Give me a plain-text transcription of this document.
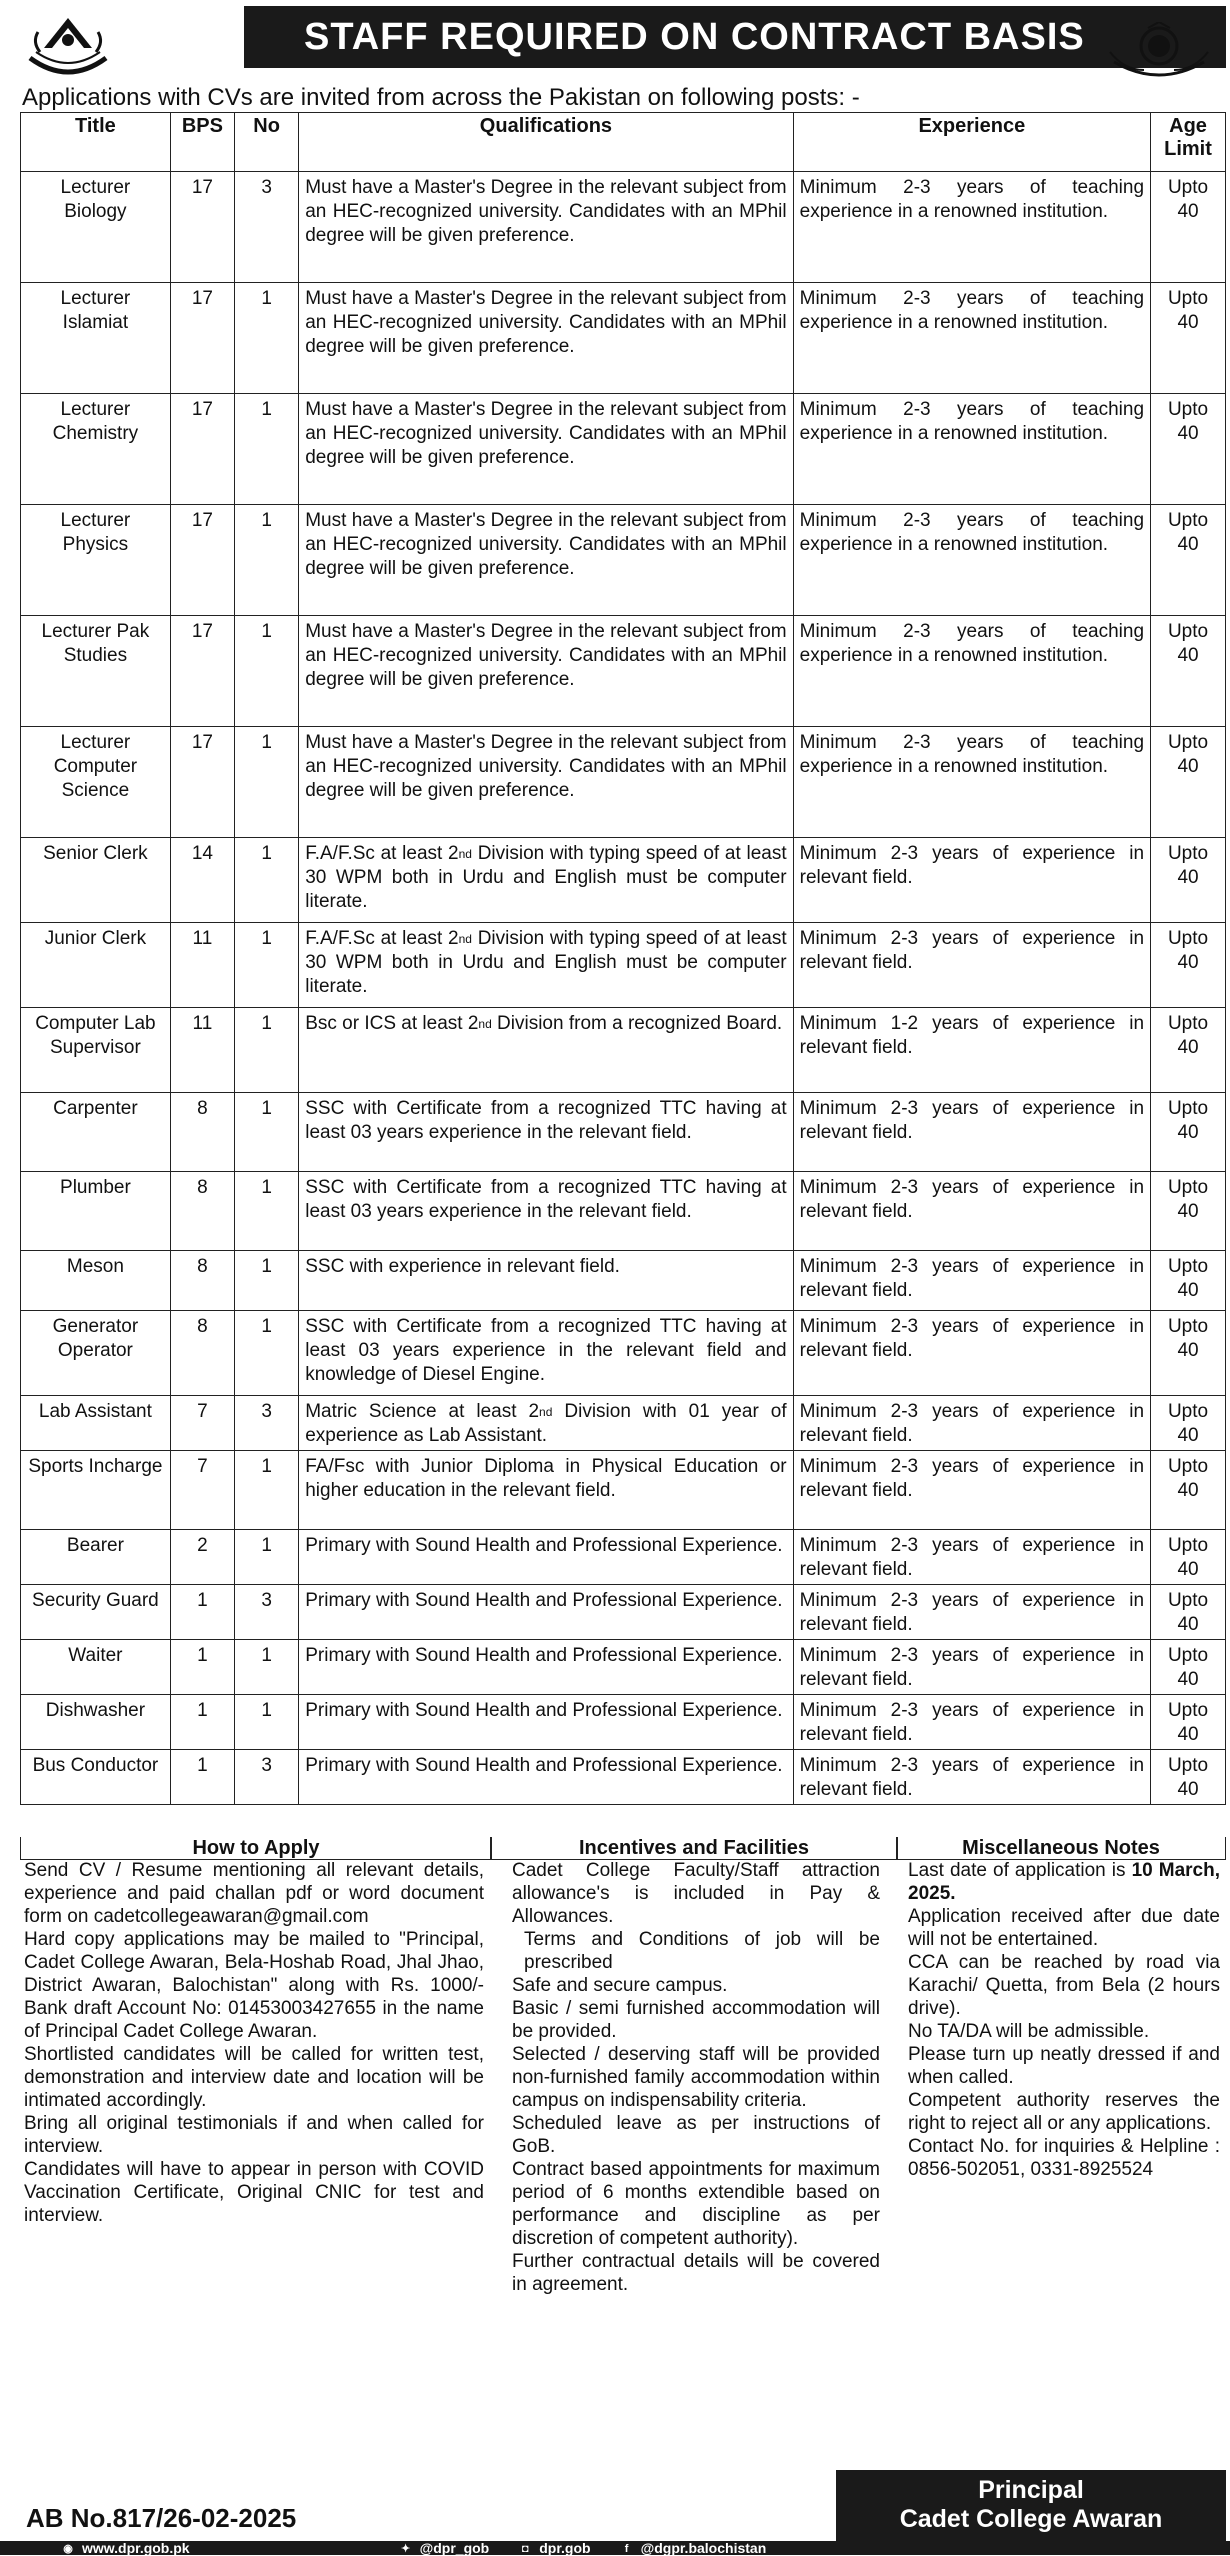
STAFF REQUIRED ON CONTRACT BASIS
Applications with CVs are invited from across the Pakistan on following posts: -
Title	BPS	No	Qualifications	Experience	Age
Limit
Lecturer Biology	17	3	Must have a Master's Degree in the relevant subject from an HEC-recognized university. Candidates with an MPhil degree will be given preference.	Minimum 2-3 years of teaching experience in a renowned institution.	Upto
40

Lecturer Islamiat	17	1	Must have a Master's Degree in the relevant subject from an HEC-recognized university. Candidates with an MPhil degree will be given preference.	Minimum 2-3 years of teaching experience in a renowned institution.	Upto
40

Lecturer Chemistry	17	1	Must have a Master's Degree in the relevant subject from an HEC-recognized university. Candidates with an MPhil degree will be given preference.	Minimum 2-3 years of teaching experience in a renowned institution.	Upto
40

Lecturer Physics	17	1	Must have a Master's Degree in the relevant subject from an HEC-recognized university. Candidates with an MPhil degree will be given preference.	Minimum 2-3 years of teaching experience in a renowned institution.	Upto
40

Lecturer Pak Studies	17	1	Must have a Master's Degree in the relevant subject from an HEC-recognized university. Candidates with an MPhil degree will be given preference.	Minimum 2-3 years of teaching experience in a renowned institution.	Upto
40

Lecturer Computer Science	17	1	Must have a Master's Degree in the relevant subject from an HEC-recognized university. Candidates with an MPhil degree will be given preference.	Minimum 2-3 years of teaching experience in a renowned institution.	Upto
40

Senior Clerk	14	1	F.A/F.Sc at least 2nd Division with typing speed of at least 30 WPM both in Urdu and English must be computer literate.	Minimum 2-3 years of experience in relevant field.	Upto
40

Junior Clerk	11	1	F.A/F.Sc at least 2nd Division with typing speed of at least 30 WPM both in Urdu and English must be computer literate.	Minimum 2-3 years of experience in relevant field.	Upto
40

Computer Lab Supervisor	11	1	Bsc or ICS at least 2nd Division from a recognized Board.	Minimum 1-2 years of experience in relevant field.	Upto
40

Carpenter	8	1	SSC with Certificate from a recognized TTC having at least 03 years experience in the relevant field.	Minimum 2-3 years of experience in relevant field.	Upto
40

Plumber	8	1	SSC with Certificate from a recognized TTC having at least 03 years experience in the relevant field.	Minimum 2-3 years of experience in relevant field.	Upto
40

Meson	8	1	SSC with experience in relevant field.	Minimum 2-3 years of experience in relevant field.	Upto
40

Generator Operator	8	1	SSC with Certificate from a recognized TTC having at least 03 years experience in the relevant field and knowledge of Diesel Engine.	Minimum 2-3 years of experience in relevant field.	Upto
40

Lab Assistant	7	3	Matric Science at least 2nd Division with 01 year of experience as Lab Assistant.	Minimum 2-3 years of experience in relevant field.	Upto
40

Sports Incharge	7	1	FA/Fsc with Junior Diploma in Physical Education or higher education in the relevant field.	Minimum 2-3 years of experience in relevant field.	Upto
40

Bearer	2	1	Primary with Sound Health and Professional Experience.	Minimum 2-3 years of experience in relevant field.	Upto
40

Security Guard	1	3	Primary with Sound Health and Professional Experience.	Minimum 2-3 years of experience in relevant field.	Upto
40

Waiter	1	1	Primary with Sound Health and Professional Experience.	Minimum 2-3 years of experience in relevant field.	Upto
40

Dishwasher	1	1	Primary with Sound Health and Professional Experience.	Minimum 2-3 years of experience in relevant field.	Upto
40

Bus Conductor	1	3	Primary with Sound Health and Professional Experience.	Minimum 2-3 years of experience in relevant field.	Upto
40
How to Apply	Incentives and Facilities	Miscellaneous Notes

Send CV / Resume mentioning all relevant details, experience and paid challan pdf or word document form on cadetcollegeawaran@gmail.com

Hard copy applications may be mailed to "Principal, Cadet College Awaran, Bela-Hoshab Road, Jhal Jhao, District Awaran, Balochistan" along with Rs. 1000/- Bank draft Account No: 01453003427655 in the name of Principal Cadet College Awaran.

Shortlisted candidates will be called for written test, demonstration and interview date and location will be intimated accordingly.

Bring all original testimonials if and when called for interview.

Candidates will have to appear in person with COVID Vaccination Certificate, Original CNIC for test and interview.

Cadet College Faculty/Staff attraction allowance's is included in Pay & Allowances.

Terms and Conditions of job will be prescribed

Safe and secure campus.

Basic / semi furnished accommodation will be provided.

Selected / deserving staff will be provided non-furnished family accommodation within campus on indispensability criteria.

Scheduled leave as per instructions of GoB.

Contract based appointments for maximum period of 6 months extendible based on performance and discipline as per discretion of competent authority).

Further contractual details will be covered in agreement.

Last date of application is 10 March, 2025.

Application received after due date will not be entertained.

CCA can be reached by road via Karachi/ Quetta, from Bela (2 hours drive).

No TA/DA will be admissible.

Please turn up neatly dressed if and when called.

Competent authority reserves the right to reject all or any applications.

Contact No. for inquiries & Helpline : 0856-502051, 0331-8925524

AB No.817/26-02-2025
Principal
Cadet College Awaran
◉ www.dpr.gob.pk	✦ @dpr_gob	◘ dpr.gob	f @dgpr.balochistan
